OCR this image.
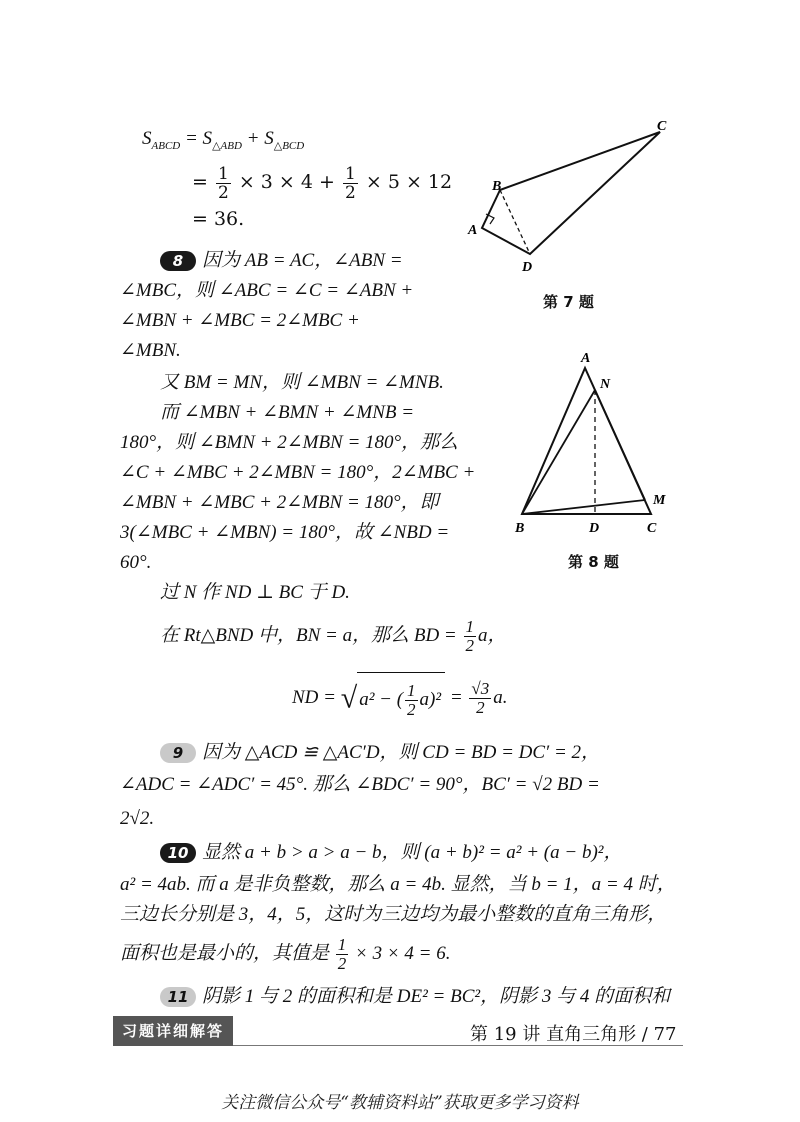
$S_{ABCD} = S_{\triangle ABD} + S_{\triangle BCD}$
= $\frac{1}{2} \times 3 \times 4 + \frac{1}{2} \times 5 \times 12$
= 36.
C
B
A
D
第 7 题
8 因为 AB = AC，∠ABN =
∠MBC，则 ∠ABC = ∠C = ∠ABN +
∠MBN + ∠MBC = 2∠MBC +
∠MBN.
又 BM = MN，则 ∠MBN = ∠MNB.
而 ∠MBN + ∠BMN + ∠MNB =
180°，则 ∠BMN + 2∠MBN = 180°，那么
∠C + ∠MBC + 2∠MBN = 180°，2∠MBC +
∠MBN + ∠MBC + 2∠MBN = 180°，即
3(∠MBC + ∠MBN) = 180°，故 ∠NBD =
60°.
A
N
M
B	D	C
第 8 题
过 N 作 ND ⊥ BC 于 D.
在 Rt△BND 中，BN = a，那么 BD = $\frac{1}{2}$ a，
ND = √ a² − ( $\frac{1}{2} a)^2 = \frac{√3}{2} a$.
9 因为 △ACD ≌ △AC′D，则 CD = BD = DC′ = 2，
∠ADC = ∠ADC′ = 45°. 那么 ∠BDC′ = 90°，BC′ = √2 BD =
2√2.
10 显然 a + b > a > a − b，则 (a + b)² = a² + (a − b)²，
a² = 4ab. 而 a 是非负整数，那么 a = 4b. 显然，当 b = 1，a = 4 时，
三边长分别是 3，4，5，这时为三边均为最小整数的直角三角形，
面积也是最小的，其值是 $\frac{1}{2} \times 3 \times 4 = 6$.
11 阴影 1 与 2 的面积和是 DE² = BC²，阴影 3 与 4 的面积和
习题详细解答	第 19 讲 直角三角形 / 77
关注微信公众号“教辅资料站”获取更多学习资料
